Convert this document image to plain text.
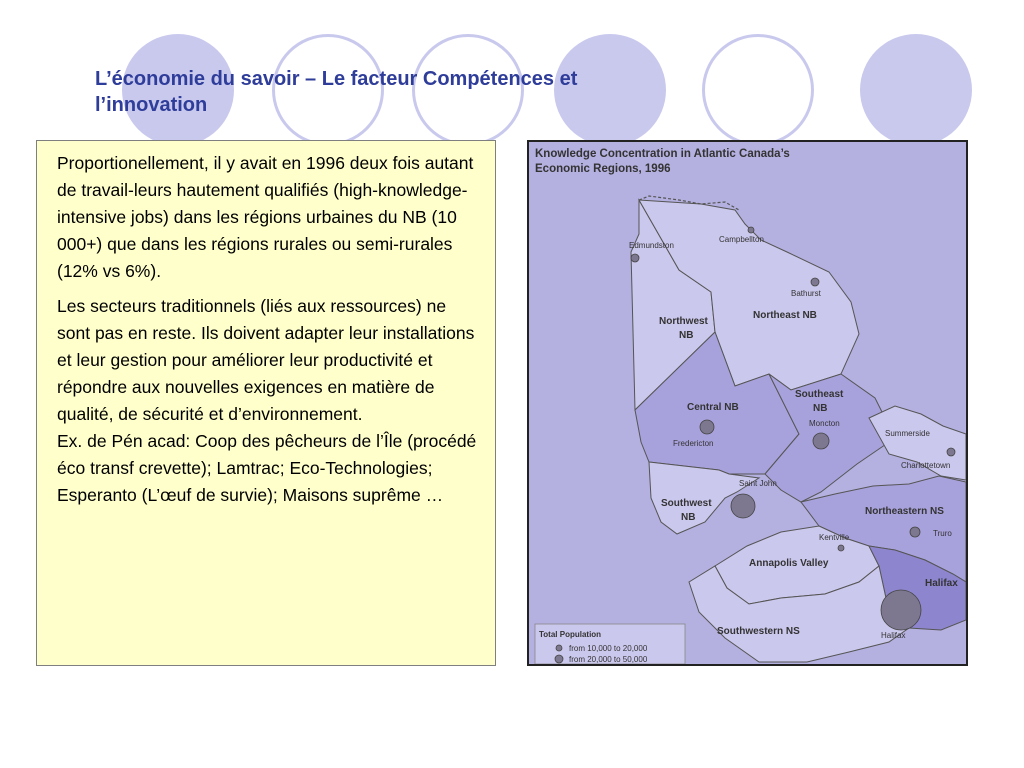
L’économie du savoir – Le facteur Compétences et
l’innovation

Proportionellement, il y avait en 1996 deux fois autant de travail-leurs hautement qualifiés (high-knowledge-intensive jobs) dans les régions urbaines du NB (10 000+) que dans les régions rurales ou semi-rurales (12% vs 6%).

Les secteurs traditionnels (liés aux ressources) ne sont pas en reste. Ils doivent adapter leur installations et leur gestion pour améliorer leur productivité et répondre aux nouvelles exigences en matière de qualité, de sécurité et d’environnement.

Ex. de Pén acad: Coop des pêcheurs de l’Île (procédé éco transf crevette); Lamtrac; Eco-Technologies; Esperanto (L’œuf de survie); Maisons suprême …

Knowledge Concentration in Atlantic Canada’s
Economic Regions, 1996
Total Population
from 10,000 to 20,000
from 20,000 to 50,000
Northwest
NB
Northeast NB
Central NB
Southeast
NB
Southwest
NB
Northeastern NS
Annapolis Valley
Halifax
Southwestern NS
Edmundston
Campbellton
Bathurst
Fredericton
Moncton
Summerside
Charlottetown
Saint John
Truro
Kentville
Halifax
